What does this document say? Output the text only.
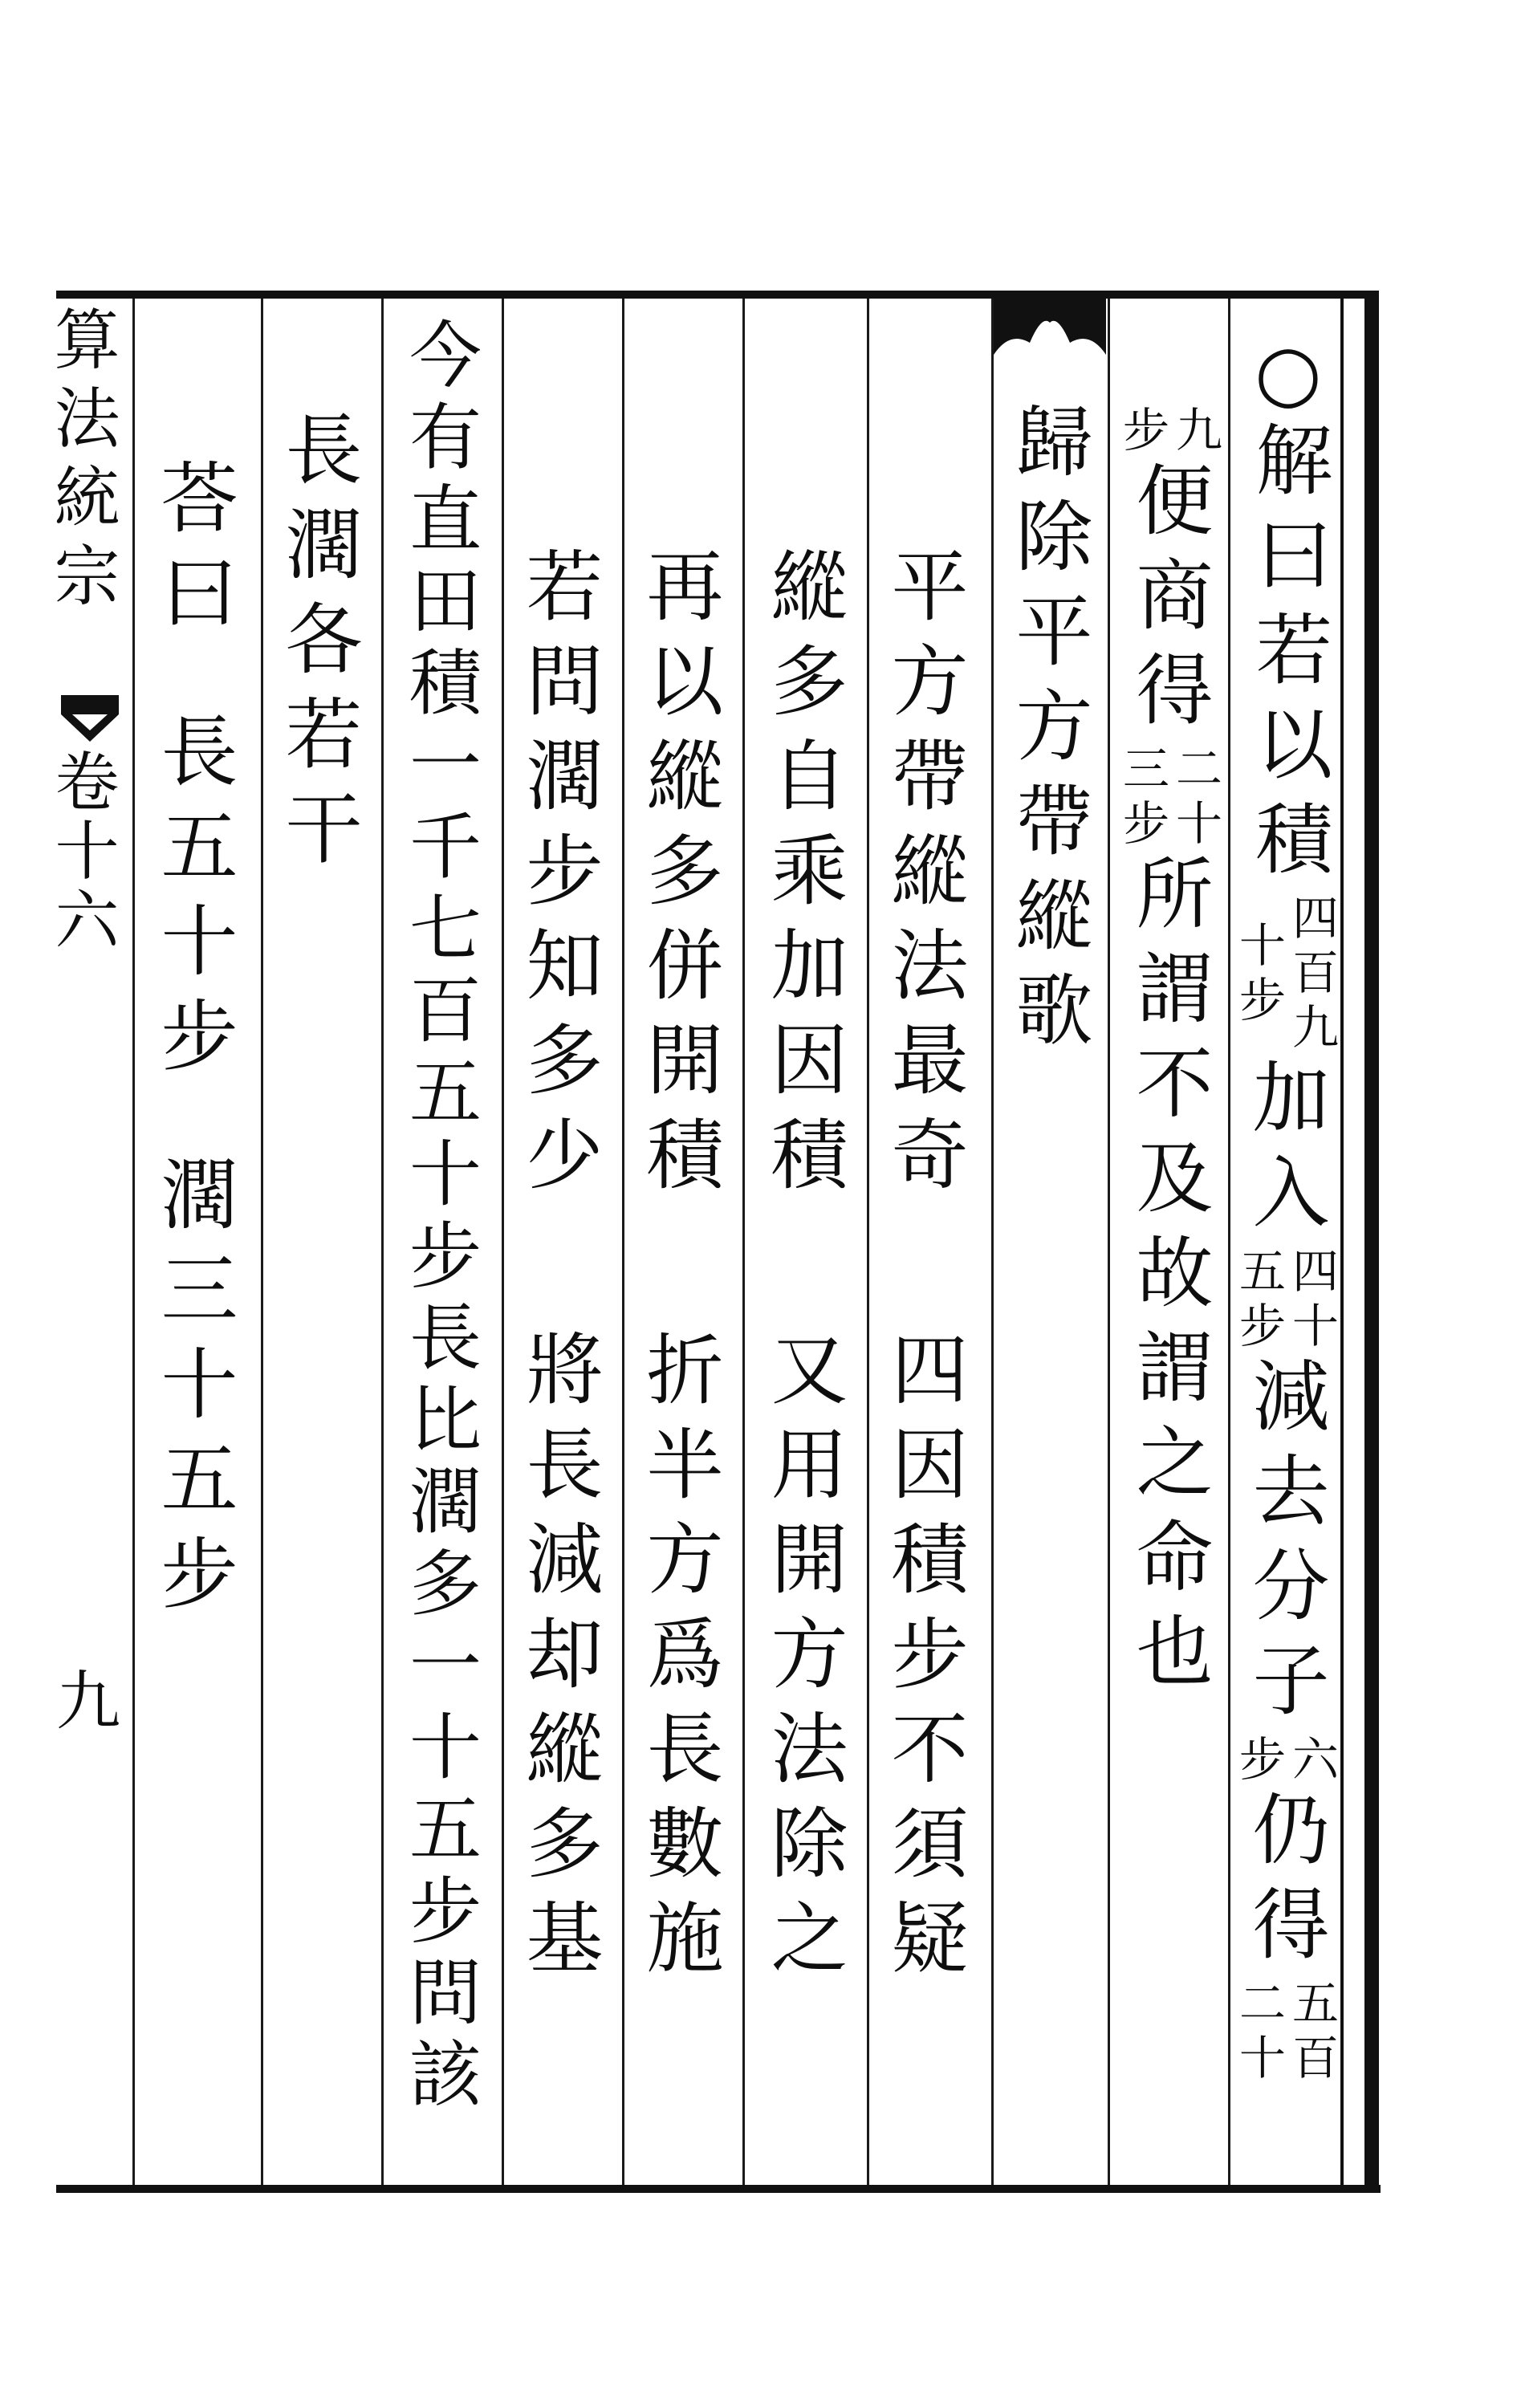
○
解曰若以積
四百九
十步
加入
四十
五步
減去分子
六
步
仍得
五百
二十
九
步
便商得
二十
三步
所謂不及故謂之命也
歸除平方帶縱歌
平方帶縱法最奇
四因積步不須疑
縱多自乘加因積
又用開方法除之
再以縱多併開積
折半方爲長數施
若問濶步知多少
將長減却縱多基
今有直田積一千七百五十步長比濶多一十五步問該
長濶各若干
荅曰
長五十步
濶三十五步
算法統宗
卷十六
九
